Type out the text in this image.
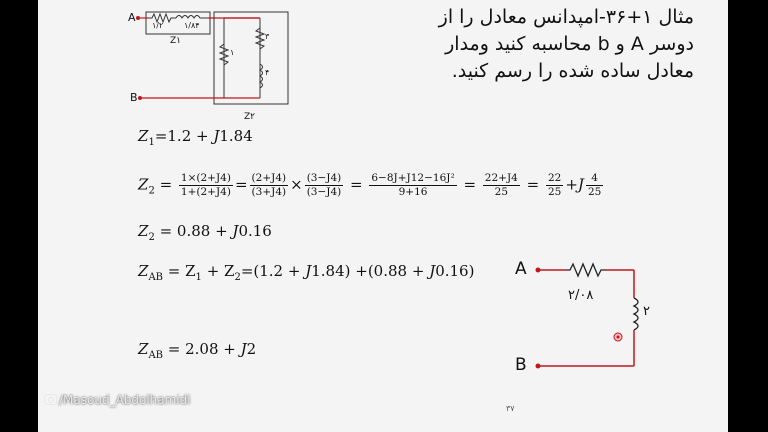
مثال ۱+۳۶-امپدانس معادل را از
دوسر A و b محاسبه کنید ومدار
معادل ساده شده را رسم کنید.
A
B
۱/۲	۱/۸۴
Z۱
۱
۳
۴
Z۲
$Z_1=1.2 + J1.84$
$Z_2 = \frac{1\times(2+J4)}{1+(2+J4)} = \frac{(2+J4)}{(3+J4)} \times \frac{(3-J4)}{(3-J4)} = \frac{\text{6−8J+J12−16J²}}{9+16} = \frac{22+J4}{25} = \frac{22}{25} +J \frac{4}{25}$
$Z_2 = 0.88 + J0.16$
$Z_{AB} = Z_1 + Z_2=(1.2 + J1.84) +(0.88 + J0.16)$
$Z_{AB} = 2.08 + J2$
A
B
۲/۰۸
۲
۳۷
/Masoud_Abdolhamidi
